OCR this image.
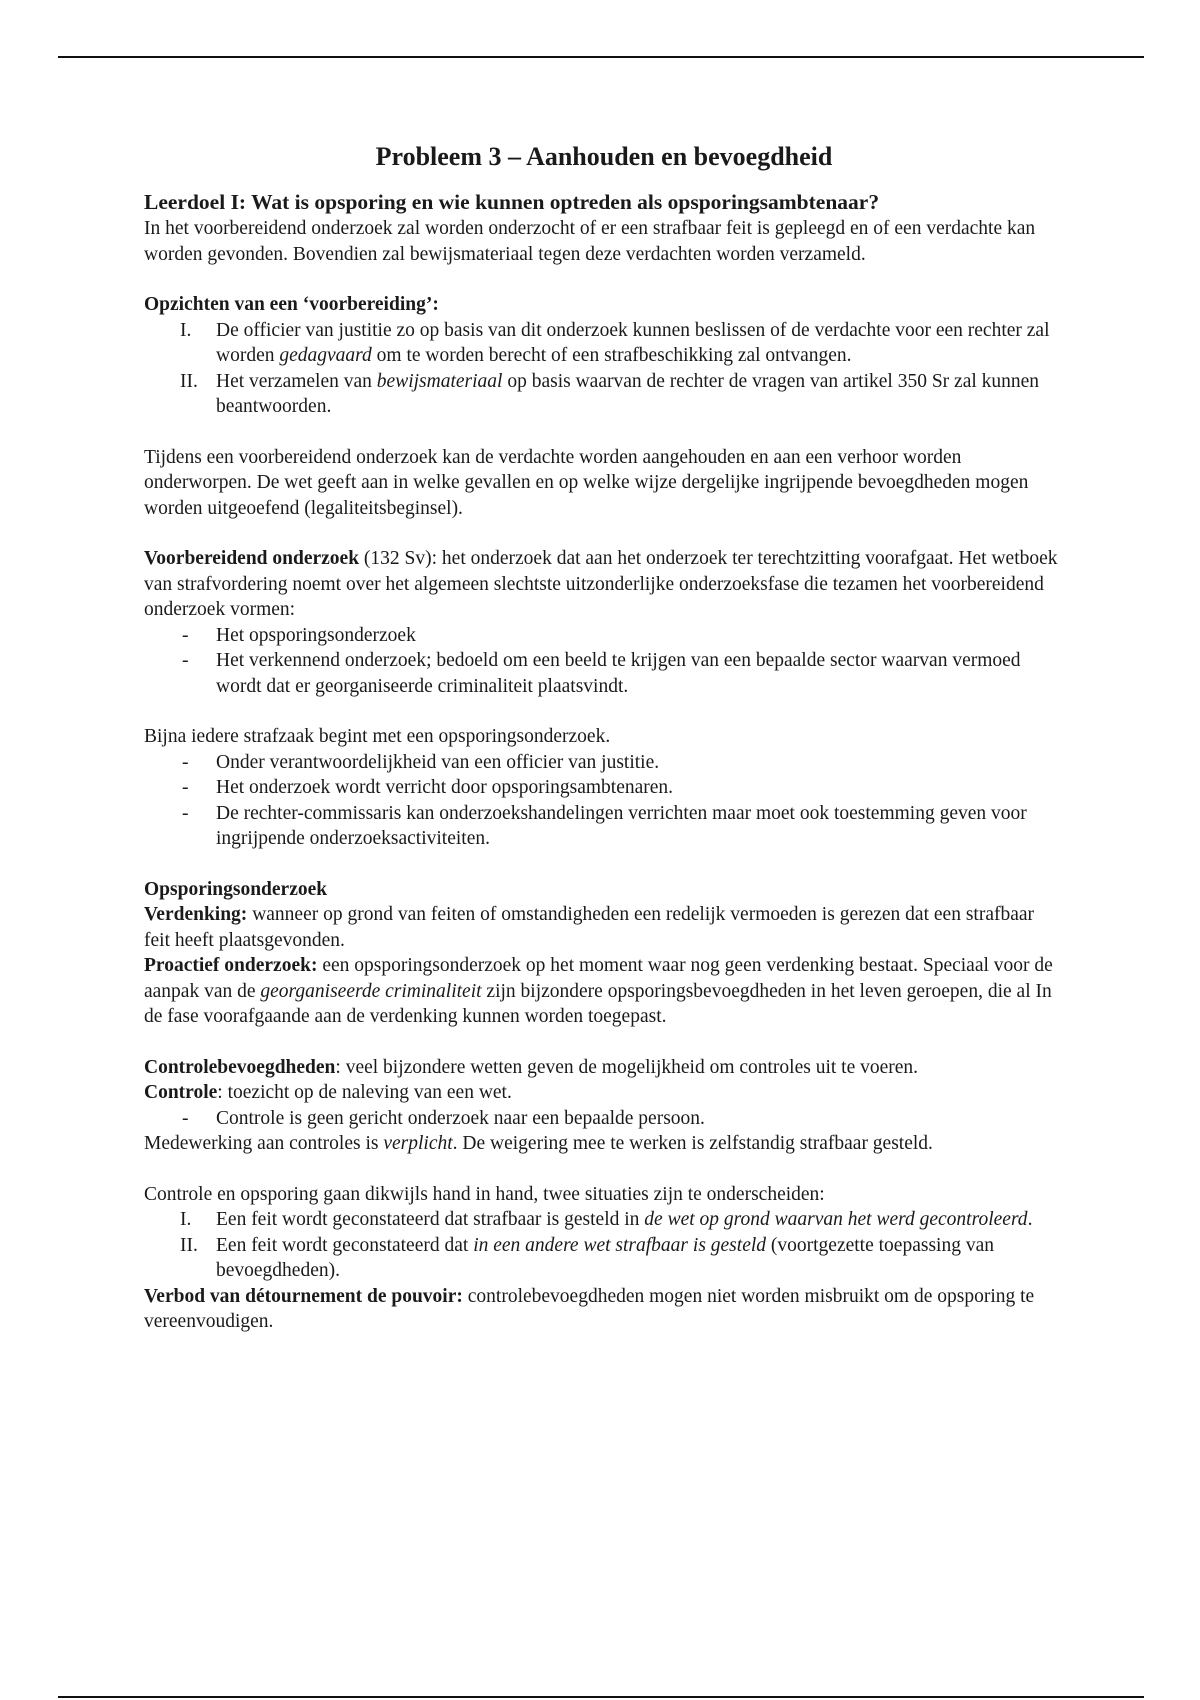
Probleem 3 – Aanhouden en bevoegdheid
Leerdoel I: Wat is opsporing en wie kunnen optreden als opsporingsambtenaar?

In het voorbereidend onderzoek zal worden onderzocht of er een strafbaar feit is gepleegd en of een verdachte kan worden gevonden. Bovendien zal bewijsmateriaal tegen deze verdachten worden verzameld.

Opzichten van een ‘voorbereiding’:

I.	De officier van justitie zo op basis van dit onderzoek kunnen beslissen of de verdachte voor een rechter zal worden gedagvaard om te worden berecht of een strafbeschikking zal ontvangen.
II. Het verzamelen van bewijsmateriaal op basis waarvan de rechter de vragen van artikel 350 Sr zal kunnen beantwoorden.

Tijdens een voorbereidend onderzoek kan de verdachte worden aangehouden en aan een verhoor worden onderworpen. De wet geeft aan in welke gevallen en op welke wijze dergelijke ingrijpende bevoegdheden mogen worden uitgeoefend (legaliteitsbeginsel).

Voorbereidend onderzoek (132 Sv): het onderzoek dat aan het onderzoek ter terechtzitting voorafgaat. Het wetboek van strafvordering noemt over het algemeen slechtste uitzonderlijke onderzoeksfase die tezamen het voorbereidend onderzoek vormen:

- Het opsporingsonderzoek
- Het verkennend onderzoek; bedoeld om een beeld te krijgen van een bepaalde sector waarvan vermoed wordt dat er georganiseerde criminaliteit plaatsvindt.

Bijna iedere strafzaak begint met een opsporingsonderzoek.

- Onder verantwoordelijkheid van een officier van justitie.
- Het onderzoek wordt verricht door opsporingsambtenaren.
- De rechter-commissaris kan onderzoekshandelingen verrichten maar moet ook toestemming geven voor ingrijpende onderzoeksactiviteiten.

Opsporingsonderzoek

Verdenking: wanneer op grond van feiten of omstandigheden een redelijk vermoeden is gerezen dat een strafbaar feit heeft plaatsgevonden.

Proactief onderzoek: een opsporingsonderzoek op het moment waar nog geen verdenking bestaat. Speciaal voor de aanpak van de georganiseerde criminaliteit zijn bijzondere opsporingsbevoegdheden in het leven geroepen, die al In de fase voorafgaande aan de verdenking kunnen worden toegepast.

Controlebevoegdheden: veel bijzondere wetten geven de mogelijkheid om controles uit te voeren.

Controle: toezicht op de naleving van een wet.

- Controle is geen gericht onderzoek naar een bepaalde persoon.

Medewerking aan controles is verplicht. De weigering mee te werken is zelfstandig strafbaar gesteld.

Controle en opsporing gaan dikwijls hand in hand, twee situaties zijn te onderscheiden:

I.	Een feit wordt geconstateerd dat strafbaar is gesteld in de wet op grond waarvan het werd gecontroleerd.
II. Een feit wordt geconstateerd dat in een andere wet strafbaar is gesteld (voortgezette toepassing van bevoegdheden).

Verbod van détournement de pouvoir: controlebevoegdheden mogen niet worden misbruikt om de opsporing te vereenvoudigen.
